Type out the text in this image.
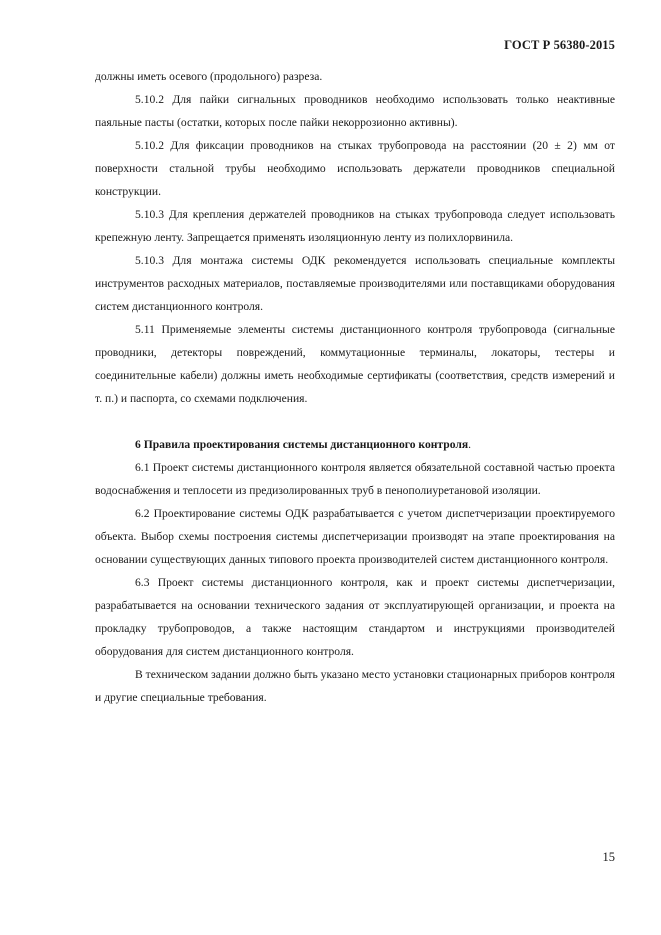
ГОСТ Р 56380-2015

должны иметь осевого (продольного) разреза.

5.10.2 Для пайки сигнальных проводников необходимо использовать только неактивные паяльные пасты (остатки, которых после пайки некоррозионно активны).

5.10.2 Для фиксации проводников на стыках трубопровода на расстоянии (20 ± 2) мм от поверхности стальной трубы необходимо использовать держатели проводников специальной конструкции.

5.10.3 Для крепления держателей проводников на стыках трубопровода следует использовать крепежную ленту. Запрещается применять изоляционную ленту из полихлорвинила.

5.10.3 Для монтажа системы ОДК рекомендуется использовать специальные комплекты инструментов расходных материалов, поставляемые производителями или поставщиками оборудования систем дистанционного контроля.

5.11 Применяемые элементы системы дистанционного контроля трубопровода (сигнальные проводники, детекторы повреждений, коммутационные терминалы, локаторы, тестеры и соединительные кабели) должны иметь необходимые сертификаты (соответствия, средств измерений и т. п.) и паспорта, со схемами подключения.

6 Правила проектирования системы дистанционного контроля.

6.1 Проект системы дистанционного контроля является обязательной составной частью проекта водоснабжения и теплосети из предизолированных труб в пенополиуретановой изоляции.

6.2 Проектирование системы ОДК разрабатывается с учетом диспетчеризации проектируемого объекта. Выбор схемы построения системы диспетчеризации производят на этапе проектирования на основании существующих данных типового проекта производителей систем дистанционного контроля.

6.3 Проект системы дистанционного контроля, как и проект системы диспетчеризации, разрабатывается на основании технического задания от эксплуатирующей организации, и проекта на прокладку трубопроводов, а также настоящим стандартом и инструкциями производителей оборудования для систем дистанционного контроля.

В техническом задании должно быть указано место установки стационарных приборов контроля и другие специальные требования.

15
